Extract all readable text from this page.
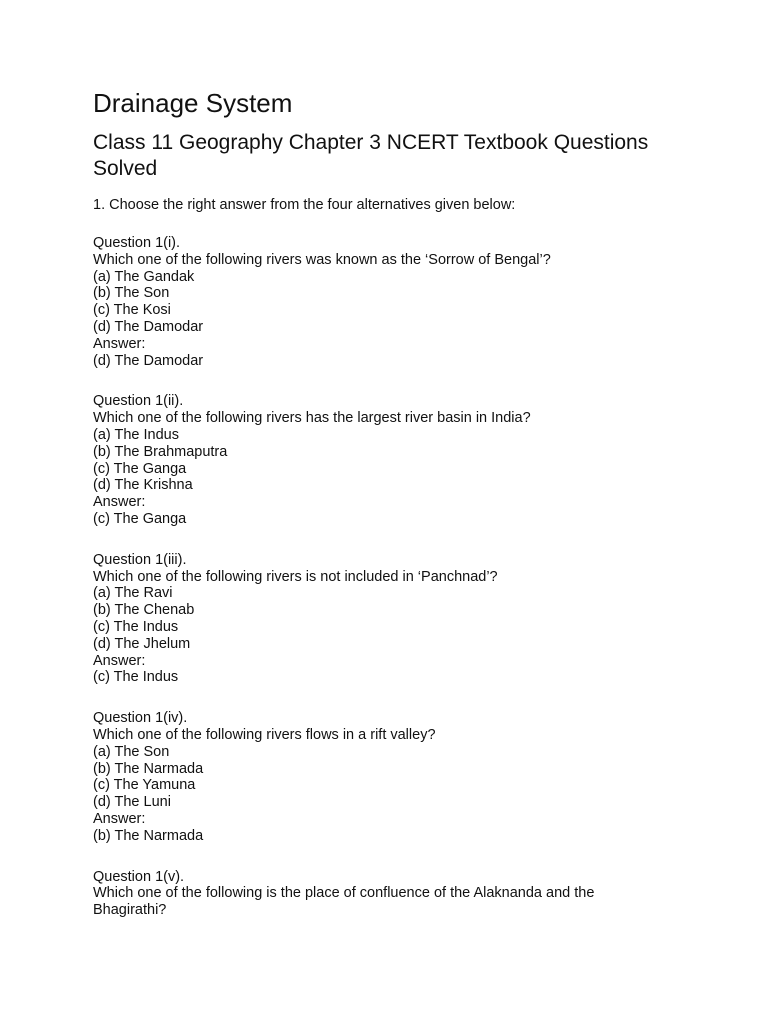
Drainage System
Class 11 Geography Chapter 3 NCERT Textbook Questions Solved

1. Choose the right answer from the four alternatives given below:

Question 1(i).
Which one of the following rivers was known as the ‘Sorrow of Bengal’?
(a) The Gandak
(b) The Son
(c) The Kosi
(d) The Damodar
Answer:
(d) The Damodar
Question 1(ii).
Which one of the following rivers has the largest river basin in India?
(a) The Indus
(b) The Brahmaputra
(c) The Ganga
(d) The Krishna
Answer:
(c) The Ganga
Question 1(iii).
Which one of the following rivers is not included in ‘Panchnad’?
(a) The Ravi
(b) The Chenab
(c) The Indus
(d) The Jhelum
Answer:
(c) The Indus
Question 1(iv).
Which one of the following rivers flows in a rift valley?
(a) The Son
(b) The Narmada
(c) The Yamuna
(d) The Luni
Answer:
(b) The Narmada
Question 1(v).
Which one of the following is the place of confluence of the Alaknanda and the Bhagirathi?
